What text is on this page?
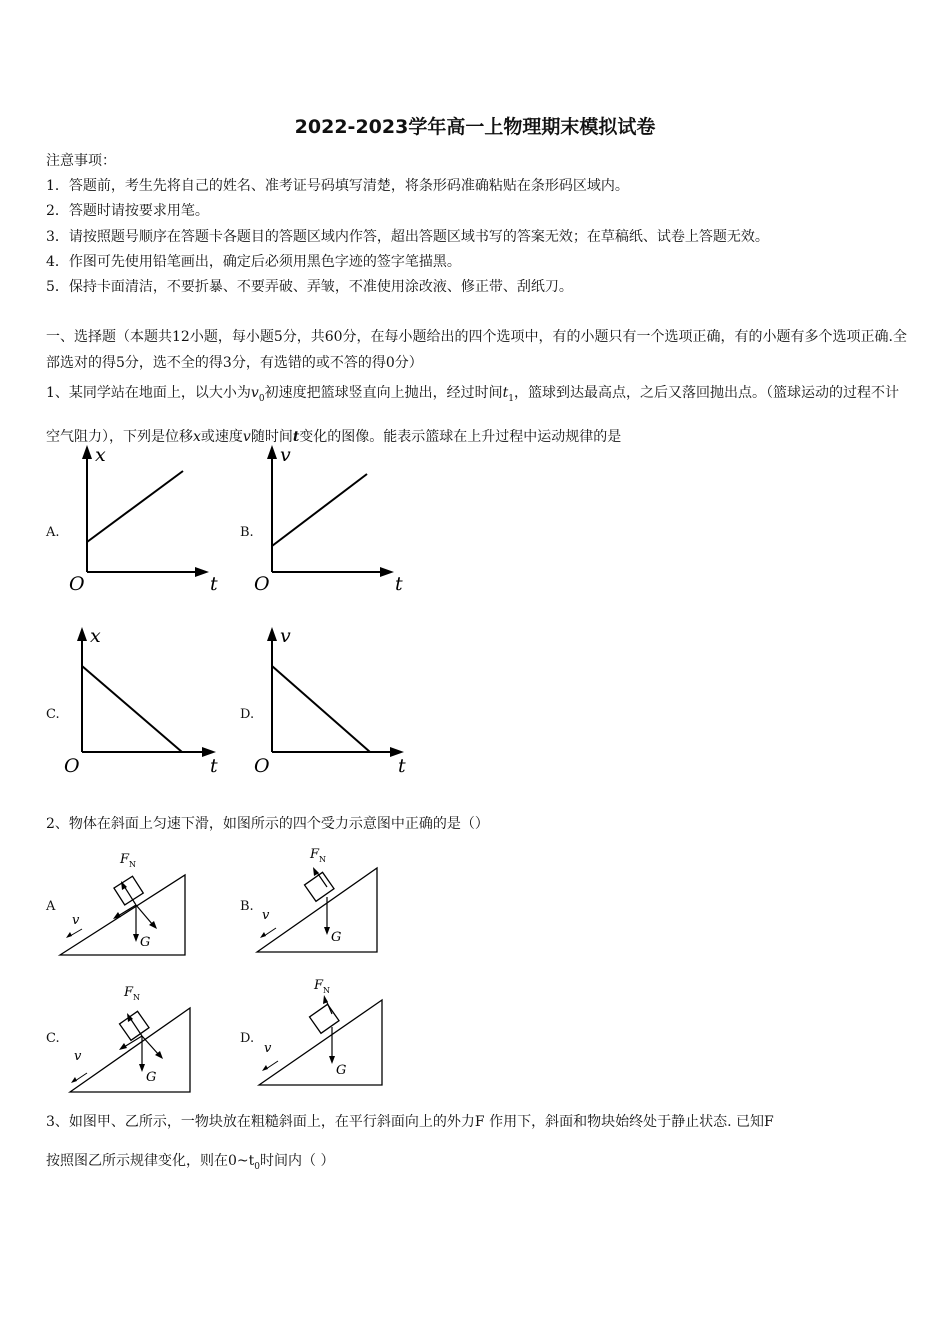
2022-2023学年高一上物理期末模拟试卷
注意事项：
1．答题前，考生先将自己的姓名、准考证号码填写清楚，将条形码准确粘贴在条形码区域内。
2．答题时请按要求用笔。
3．请按照题号顺序在答题卡各题目的答题区域内作答，超出答题区域书写的答案无效；在草稿纸、试卷上答题无效。
4．作图可先使用铅笔画出，确定后必须用黑色字迹的签字笔描黑。
5．保持卡面清洁，不要折暴、不要弄破、弄皱，不准使用涂改液、修正带、刮纸刀。
一、选择题（本题共12小题，每小题5分，共60分，在每小题给出的四个选项中，有的小题只有一个选项正确，有的小题有多个选项正确.全部选对的得5分，选不全的得3分，有选错的或不答的得0分）
1、某同学站在地面上，以大小为$v_0$初速度把篮球竖直向上抛出，经过时间$t_1$，篮球到达最高点，之后又落回抛出点。（篮球运动的过程不计空气阻力），下列是位移x或速度v随时间t变化的图像。能表示篮球在上升过程中运动规律的是
A.
x
t
O
B.
v
t
O
C.
x
t
O
D.
v
t
O
2、物体在斜面上匀速下滑，如图所示的四个受力示意图中正确的是（）
A
v
F N
G
B.
v
F N
G
C.
v
F N
G
D.
v
F N
G
3、如图甲、乙所示，一物块放在粗糙斜面上，在平行斜面向上的外力F 作用下，斜面和物块始终处于静止状态. 已知F
按照图乙所示规律变化，则在$0\sim t_0$时间内（ ）
